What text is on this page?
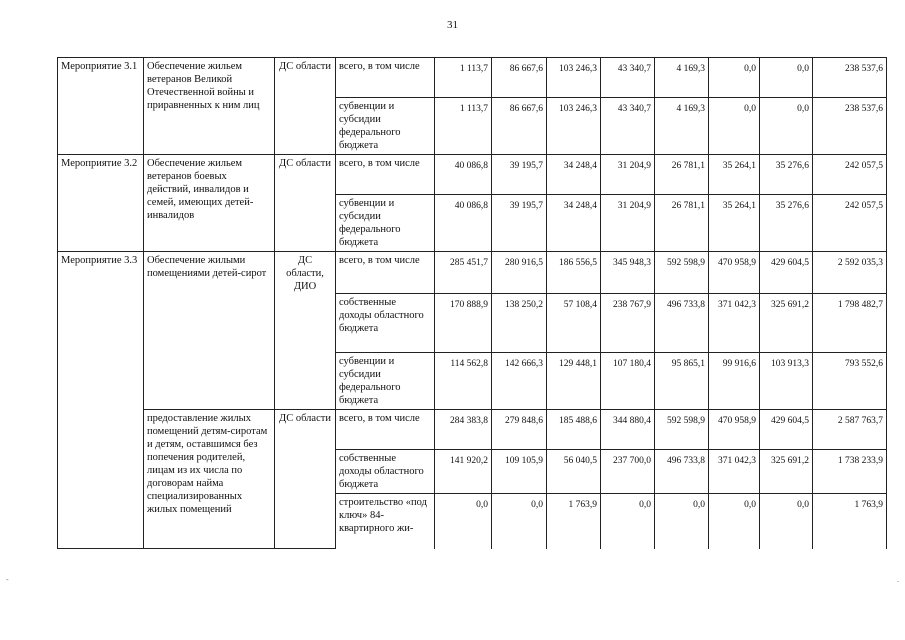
31
Мероприятие 3.1	Обеспечение жильем ветеранов Великой Отечественной войны и приравненных к ним лиц	ДС области	всего, в том числе	1 113,7	86 667,6	103 246,3	43 340,7	4 169,3	0,0	0,0	238 537,6
			субвенции и субсидии федерального бюджета	1 113,7	86 667,6	103 246,3	43 340,7	4 169,3	0,0	0,0	238 537,6
Мероприятие 3.2	Обеспечение жильем ветеранов боевых действий, инвалидов и семей, имеющих детей-инвалидов	ДС области	всего, в том числе	40 086,8	39 195,7	34 248,4	31 204,9	26 781,1	35 264,1	35 276,6	242 057,5
			субвенции и субсидии федерального бюджета	40 086,8	39 195,7	34 248,4	31 204,9	26 781,1	35 264,1	35 276,6	242 057,5
Мероприятие 3.3	Обеспечение жилыми помещениями детей-сирот	ДС области, ДИО	всего, в том числе	285 451,7	280 916,5	186 556,5	345 948,3	592 598,9	470 958,9	429 604,5	2 592 035,3
			собственные доходы областного бюджета	170 888,9	138 250,2	57 108,4	238 767,9	496 733,8	371 042,3	325 691,2	1 798 482,7
			субвенции и субсидии федерального бюджета	114 562,8	142 666,3	129 448,1	107 180,4	95 865,1	99 916,6	103 913,3	793 552,6
	предоставление жилых помещений детям-сиротам и детям, оставшимся без попечения родителей, лицам из их числа по договорам найма специализированных жилых помещений	ДС области	всего, в том числе	284 383,8	279 848,6	185 488,6	344 880,4	592 598,9	470 958,9	429 604,5	2 587 763,7
			собственные доходы областного бюджета	141 920,2	109 105,9	56 040,5	237 700,0	496 733,8	371 042,3	325 691,2	1 738 233,9
			строительство «под ключ» 84-квартирного жи-	0,0	0,0	1 763,9	0,0	0,0	0,0	0,0	1 763,9
-	.
